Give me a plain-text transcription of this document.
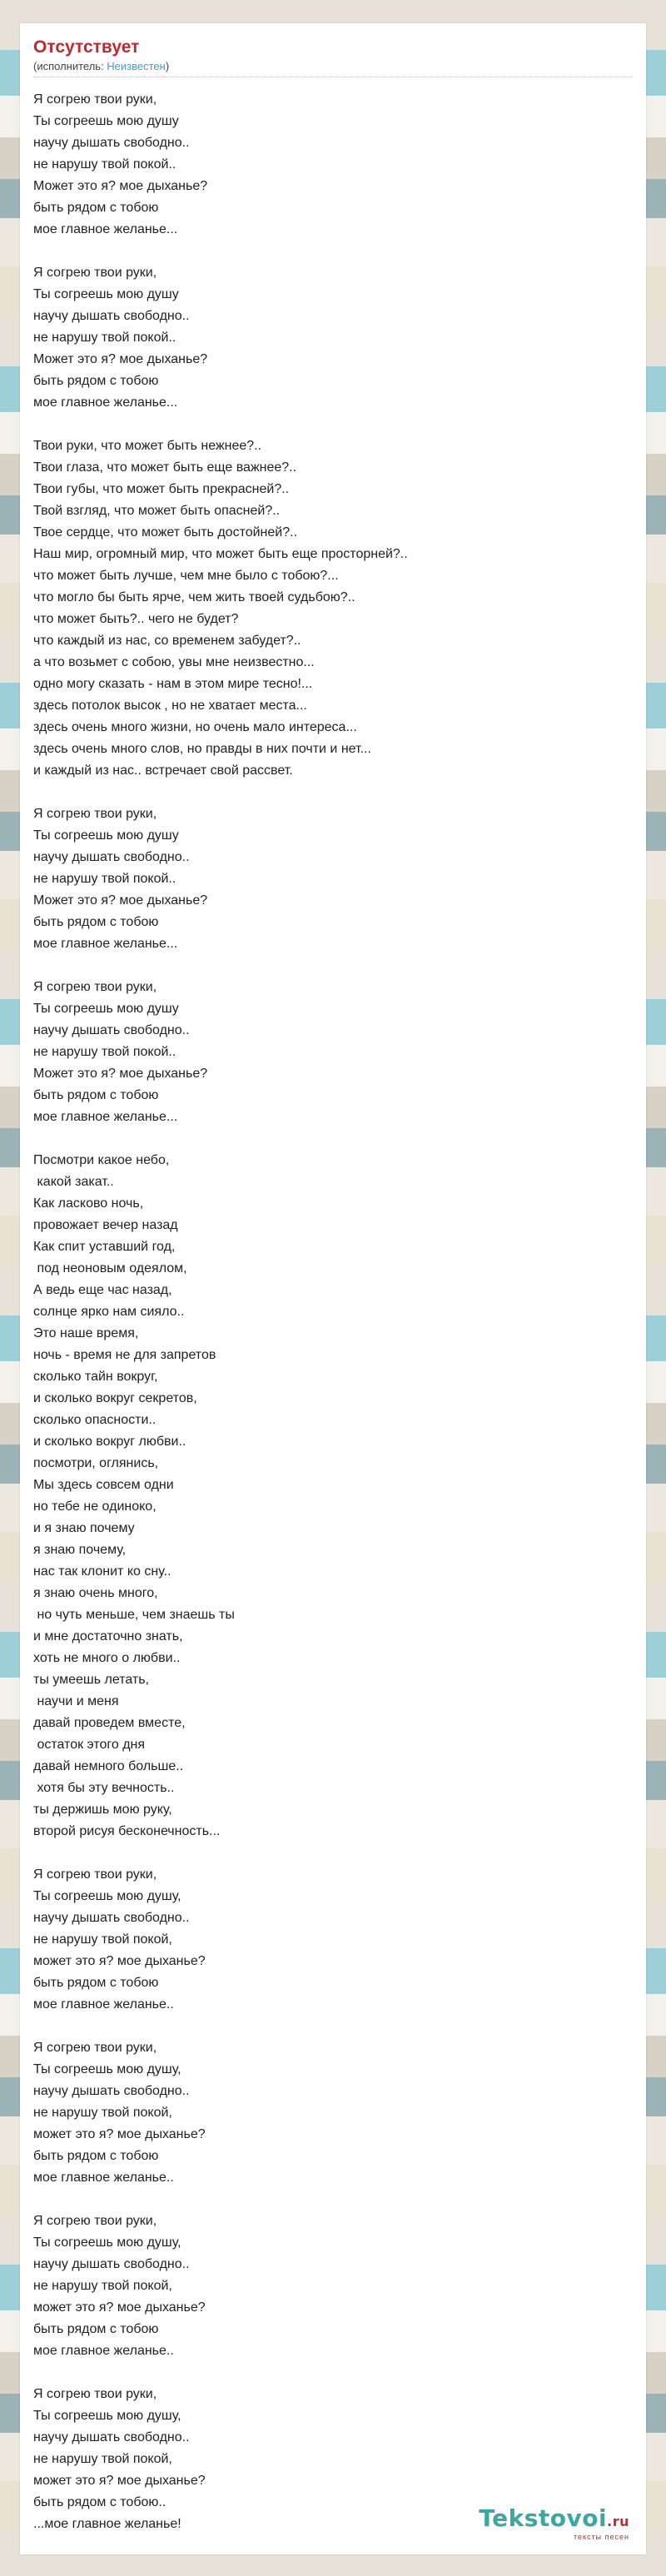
Отсутствует
(исполнитель: Неизвестен)
Я согрею твои руки,
Ты согреешь мою душу
научу дышать свободно..
не нарушу твой покой..
Может это я? мое дыханье?
быть рядом с тобою
мое главное желанье...
Я согрею твои руки,
Ты согреешь мою душу
научу дышать свободно..
не нарушу твой покой..
Может это я? мое дыханье?
быть рядом с тобою
мое главное желанье...
Твои руки, что может быть нежнее?..
Твои глаза, что может быть еще важнее?..
Твои губы, что может быть прекрасней?..
Твой взгляд, что может быть опасней?..
Твое сердце, что может быть достойней?..
Наш мир, огромный мир, что может быть еще просторней?..
что может быть лучше, чем мне было с тобою?...
что могло бы быть ярче, чем жить твоей судьбою?..
что может быть?.. чего не будет?
что каждый из нас, со временем забудет?..
а что возьмет с собою, увы мне неизвестно...
одно могу сказать - нам в этом мире тесно!...
здесь потолок высок , но не хватает места...
здесь очень много жизни, но очень мало интереса...
здесь очень много слов, но правды в них почти и нет...
и каждый из нас.. встречает свой рассвет.
Я согрею твои руки,
Ты согреешь мою душу
научу дышать свободно..
не нарушу твой покой..
Может это я? мое дыханье?
быть рядом с тобою
мое главное желанье...
Я согрею твои руки,
Ты согреешь мою душу
научу дышать свободно..
не нарушу твой покой..
Может это я? мое дыханье?
быть рядом с тобою
мое главное желанье...
Посмотри какое небо,
какой закат..
Как ласково ночь,
провожает вечер назад
Как спит уставший год,
под неоновым одеялом,
А ведь еще час назад,
солнце ярко нам сияло..
Это наше время,
ночь - время не для запретов
сколько тайн вокруг,
и сколько вокруг секретов,
сколько опасности..
и сколько вокруг любви..
посмотри, оглянись,
Мы здесь совсем одни
но тебе не одиноко,
и я знаю почему
я знаю почему,
нас так клонит ко сну..
я знаю очень много,
но чуть меньше, чем знаешь ты
и мне достаточно знать,
хоть не много о любви..
ты умеешь летать,
научи и меня
давай проведем вместе,
остаток этого дня
давай немного больше..
хотя бы эту вечность..
ты держишь мою руку,
второй рисуя бесконечность...
Я согрею твои руки,
Ты согреешь мою душу,
научу дышать свободно..
не нарушу твой покой,
может это я? мое дыханье?
быть рядом с тобою
мое главное желанье..
Я согрею твои руки,
Ты согреешь мою душу,
научу дышать свободно..
не нарушу твой покой,
может это я? мое дыханье?
быть рядом с тобою
мое главное желанье..
Я согрею твои руки,
Ты согреешь мою душу,
научу дышать свободно..
не нарушу твой покой,
может это я? мое дыханье?
быть рядом с тобою
мое главное желанье..
Я согрею твои руки,
Ты согреешь мою душу,
научу дышать свободно..
не нарушу твой покой,
может это я? мое дыханье?
быть рядом с тобою..
...мое главное желанье!	Tekstovoi.ru
тексты песен
